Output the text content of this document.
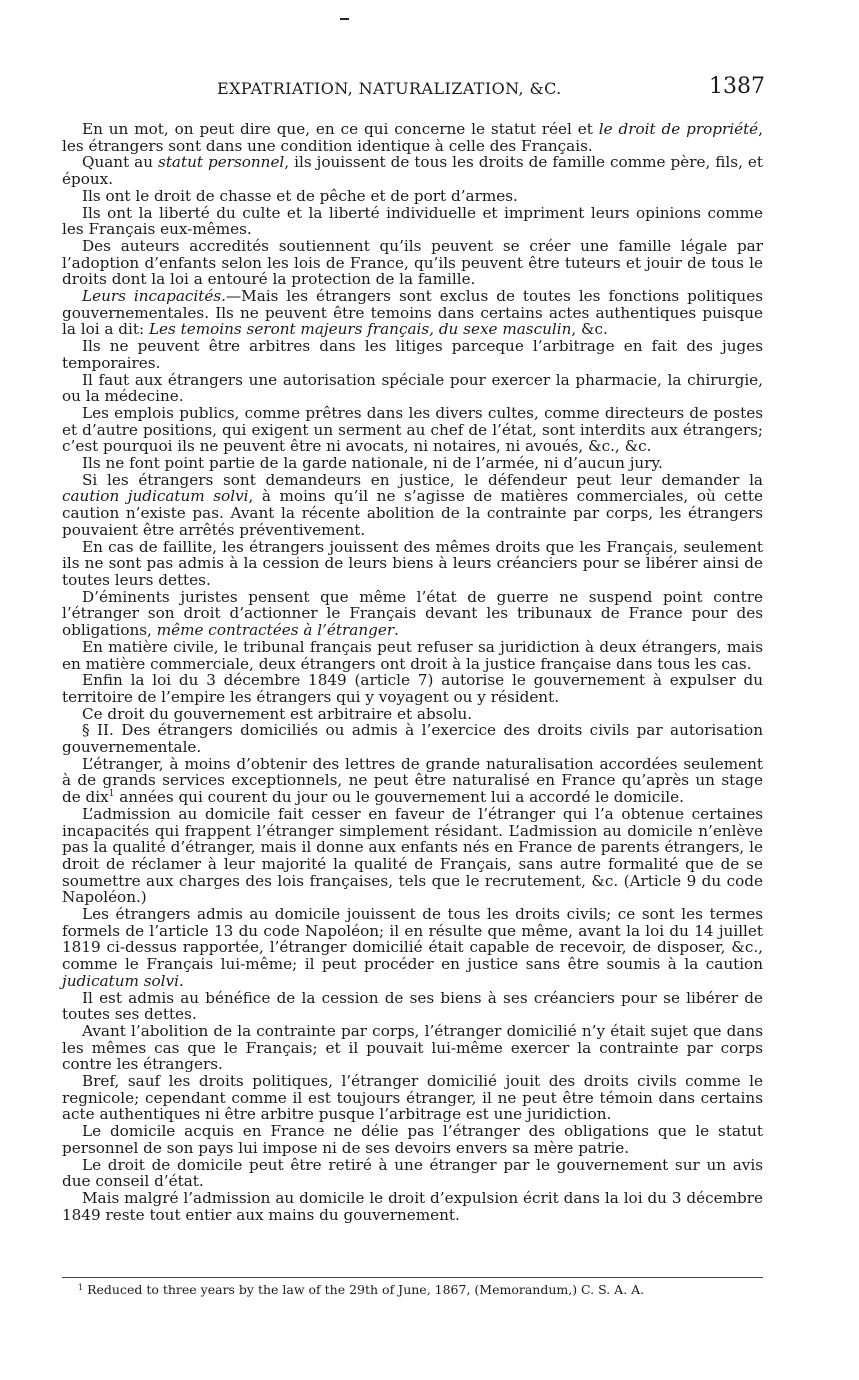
EXPATRIATION, NATURALIZATION, &C.	1387

En un mot, on peut dire que, en ce qui concerne le statut réel et le droit de propriété, les étrangers sont dans une condition identique à celle des Français.

Quant au statut personnel, ils jouissent de tous les droits de famille comme père, fils, et époux.

Ils ont le droit de chasse et de pêche et de port d’armes.

Ils ont la liberté du culte et la liberté individuelle et impriment leurs opinions comme les Français eux-mêmes.

Des auteurs accredités soutiennent qu’ils peuvent se créer une famille légale par l’adoption d’enfants selon les lois de France, qu’ils peuvent être tuteurs et jouir de tous le droits dont la loi a entouré la protection de la famille.

Leurs incapacités.—Mais les étrangers sont exclus de toutes les fonctions politiques gouvernementales. Ils ne peuvent être temoins dans certains actes authentiques puisque la loi a dit: Les temoins seront majeurs français, du sexe masculin, &c.

Ils ne peuvent être arbitres dans les litiges parceque l’arbitrage en fait des juges temporaires.

Il faut aux étrangers une autorisation spéciale pour exercer la pharmacie, la chirurgie, ou la médecine.

Les emplois publics, comme prêtres dans les divers cultes, comme directeurs de postes et d’autre positions, qui exigent un serment au chef de l’état, sont interdits aux étrangers; c’est pourquoi ils ne peuvent être ni avocats, ni notaires, ni avoués, &c., &c.

Ils ne font point partie de la garde nationale, ni de l’armée, ni d’aucun jury.

Si les étrangers sont demandeurs en justice, le défendeur peut leur demander la caution judicatum solvi, à moins qu’il ne s’agisse de matières commerciales, où cette caution n’existe pas. Avant la récente abolition de la contrainte par corps, les étrangers pouvaient être arrêtés préventivement.

En cas de faillite, les étrangers jouissent des mêmes droits que les Français, seulement ils ne sont pas admis à la cession de leurs biens à leurs créanciers pour se libérer ainsi de toutes leurs dettes.

D’éminents juristes pensent que même l’état de guerre ne suspend point contre l’étranger son droit d’actionner le Français devant les tribunaux de France pour des obligations, même contractées à l’étranger.

En matière civile, le tribunal français peut refuser sa juridiction à deux étrangers, mais en matière commerciale, deux étrangers ont droit à la justice française dans tous les cas.

Enfin la loi du 3 décembre 1849 (article 7) autorise le gouvernement à expulser du territoire de l’empire les étrangers qui y voyagent ou y résident.

Ce droit du gouvernement est arbitraire et absolu.

§ II. Des étrangers domiciliés ou admis à l’exercice des droits civils par autorisation gouvernementale.

L’étranger, à moins d’obtenir des lettres de grande naturalisation accordées seulement à de grands services exceptionnels, ne peut être naturalisé en France qu’après un stage de dix$^1$ années qui courent du jour ou le gouvernement lui a accordé le domicile.

L’admission au domicile fait cesser en faveur de l’étranger qui l’a obtenue certaines incapacités qui frappent l’étranger simplement résidant. L’admission au domicile n’enlève pas la qualité d’étranger, mais il donne aux enfants nés en France de parents étrangers, le droit de réclamer à leur majorité la qualité de Français, sans autre formalité que de se soumettre aux charges des lois françaises, tels que le recrutement, &c. (Article 9 du code Napoléon.)

Les étrangers admis au domicile jouissent de tous les droits civils; ce sont les termes formels de l’article 13 du code Napoléon; il en résulte que même, avant la loi du 14 juillet 1819 ci-dessus rapportée, l’étranger domicilié était capable de recevoir, de disposer, &c., comme le Français lui-même; il peut procéder en justice sans être soumis à la caution judicatum solvi.

Il est admis au bénéfice de la cession de ses biens à ses créanciers pour se libérer de toutes ses dettes.

Avant l’abolition de la contrainte par corps, l’étranger domicilié n’y était sujet que dans les mêmes cas que le Français; et il pouvait lui-même exercer la contrainte par corps contre les étrangers.

Bref, sauf les droits politiques, l’étranger domicilié jouit des droits civils comme le regnicole; cependant comme il est toujours étranger, il ne peut être témoin dans certains acte authentiques ni être arbitre pusque l’arbitrage est une juridiction.

Le domicile acquis en France ne délie pas l’étranger des obligations que le statut personnel de son pays lui impose ni de ses devoirs envers sa mère patrie.

Le droit de domicile peut être retiré à une étranger par le gouvernement sur un avis due conseil d’état.

Mais malgré l’admission au domicile le droit d’expulsion écrit dans la loi du 3 décembre 1849 reste tout entier aux mains du gouvernement.

$^1$ Reduced to three years by the law of the 29th of June, 1867, (Memorandum,) C. S. A. A.
